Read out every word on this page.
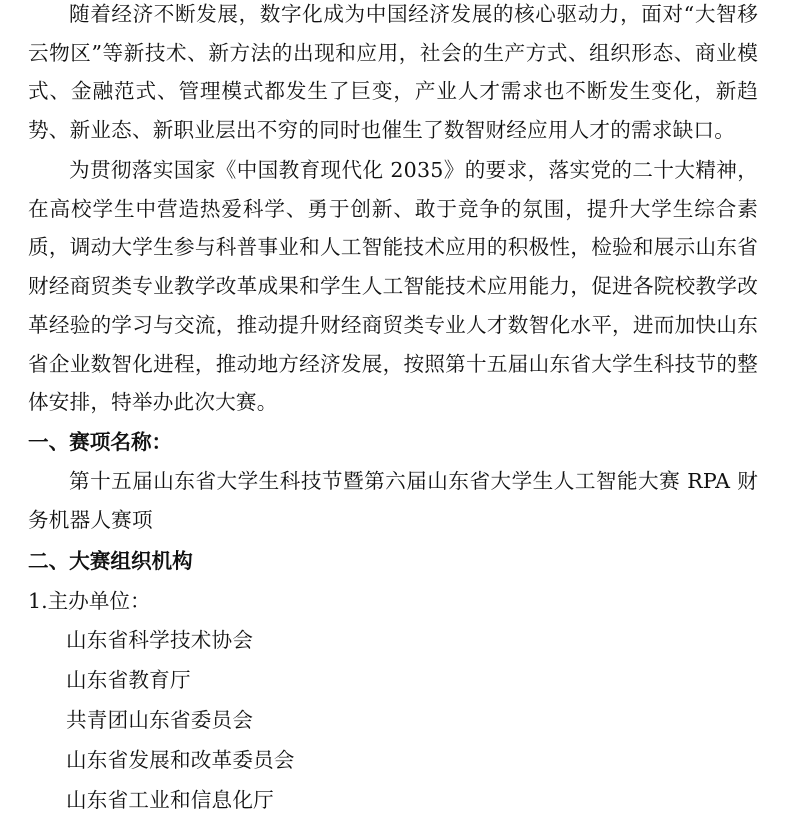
随着经济不断发展，数字化成为中国经济发展的核心驱动力，面对“大智移云物区”等新技术、新方法的出现和应用，社会的生产方式、组织形态、商业模式、金融范式、管理模式都发生了巨变，产业人才需求也不断发生变化，新趋势、新业态、新职业层出不穷的同时也催生了数智财经应用人才的需求缺口。

为贯彻落实国家《中国教育现代化 2035》的要求，落实党的二十大精神，在高校学生中营造热爱科学、勇于创新、敢于竞争的氛围，提升大学生综合素质，调动大学生参与科普事业和人工智能技术应用的积极性，检验和展示山东省财经商贸类专业教学改革成果和学生人工智能技术应用能力，促进各院校教学改革经验的学习与交流，推动提升财经商贸类专业人才数智化水平，进而加快山东省企业数智化进程，推动地方经济发展，按照第十五届山东省大学生科技节的整体安排，特举办此次大赛。

一、赛项名称：

第十五届山东省大学生科技节暨第六届山东省大学生人工智能大赛 RPA 财务机器人赛项

二、大赛组织机构

1.主办单位：

山东省科学技术协会
山东省教育厅
共青团山东省委员会
山东省发展和改革委员会
山东省工业和信息化厅
